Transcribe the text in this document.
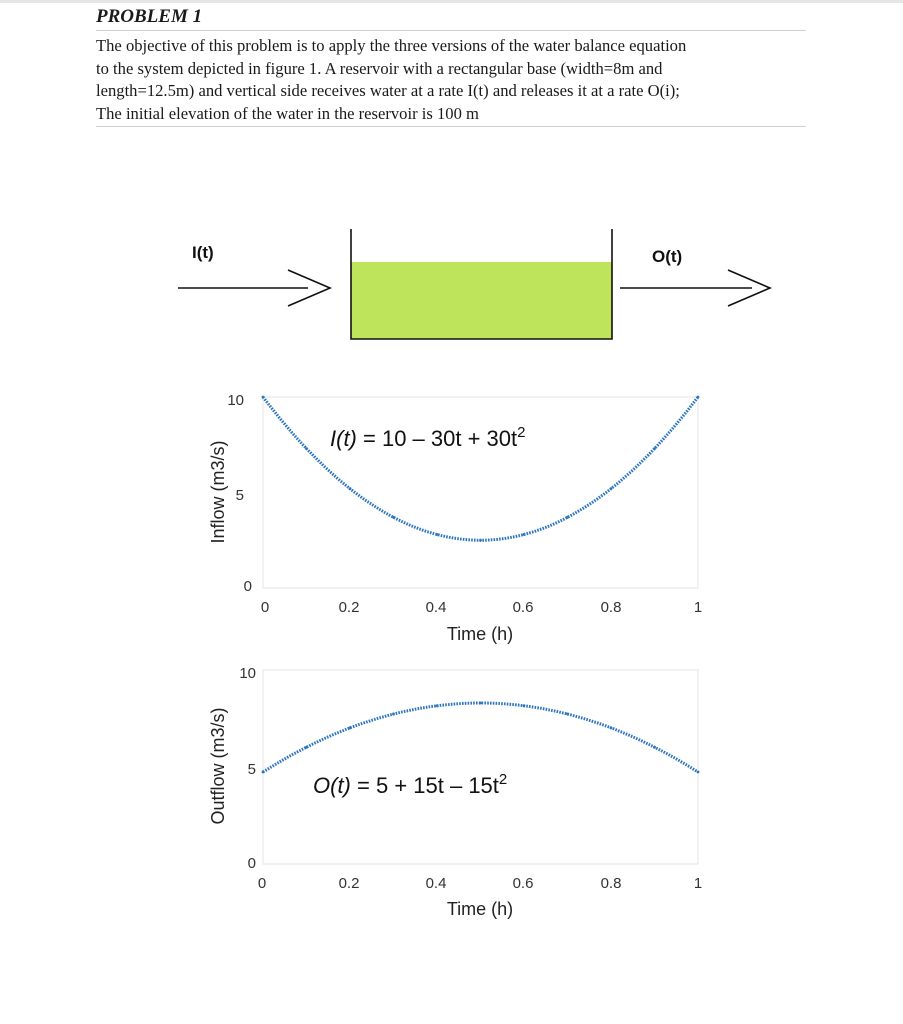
PROBLEM 1
The objective of this problem is to apply the three versions of the water balance equation
to the system depicted in figure 1. A reservoir with a rectangular base (width=8m and
length=12.5m) and vertical side receives water at a rate I(t) and releases it at a rate O(i);
The initial elevation of the water in the reservoir is 100 m
I(t)	O(t)
10
5
0
0	0.2	0.4	0.6	0.8	1
Time (h)
Inflow (m3/s)
$I(t) = 10 - 30t + 30t^2$
10
5
0
0	0.2	0.4	0.6	0.8	1
Time (h)
Outflow (m3/s)	$O(t) = 5 + 15t - 15t^2$
